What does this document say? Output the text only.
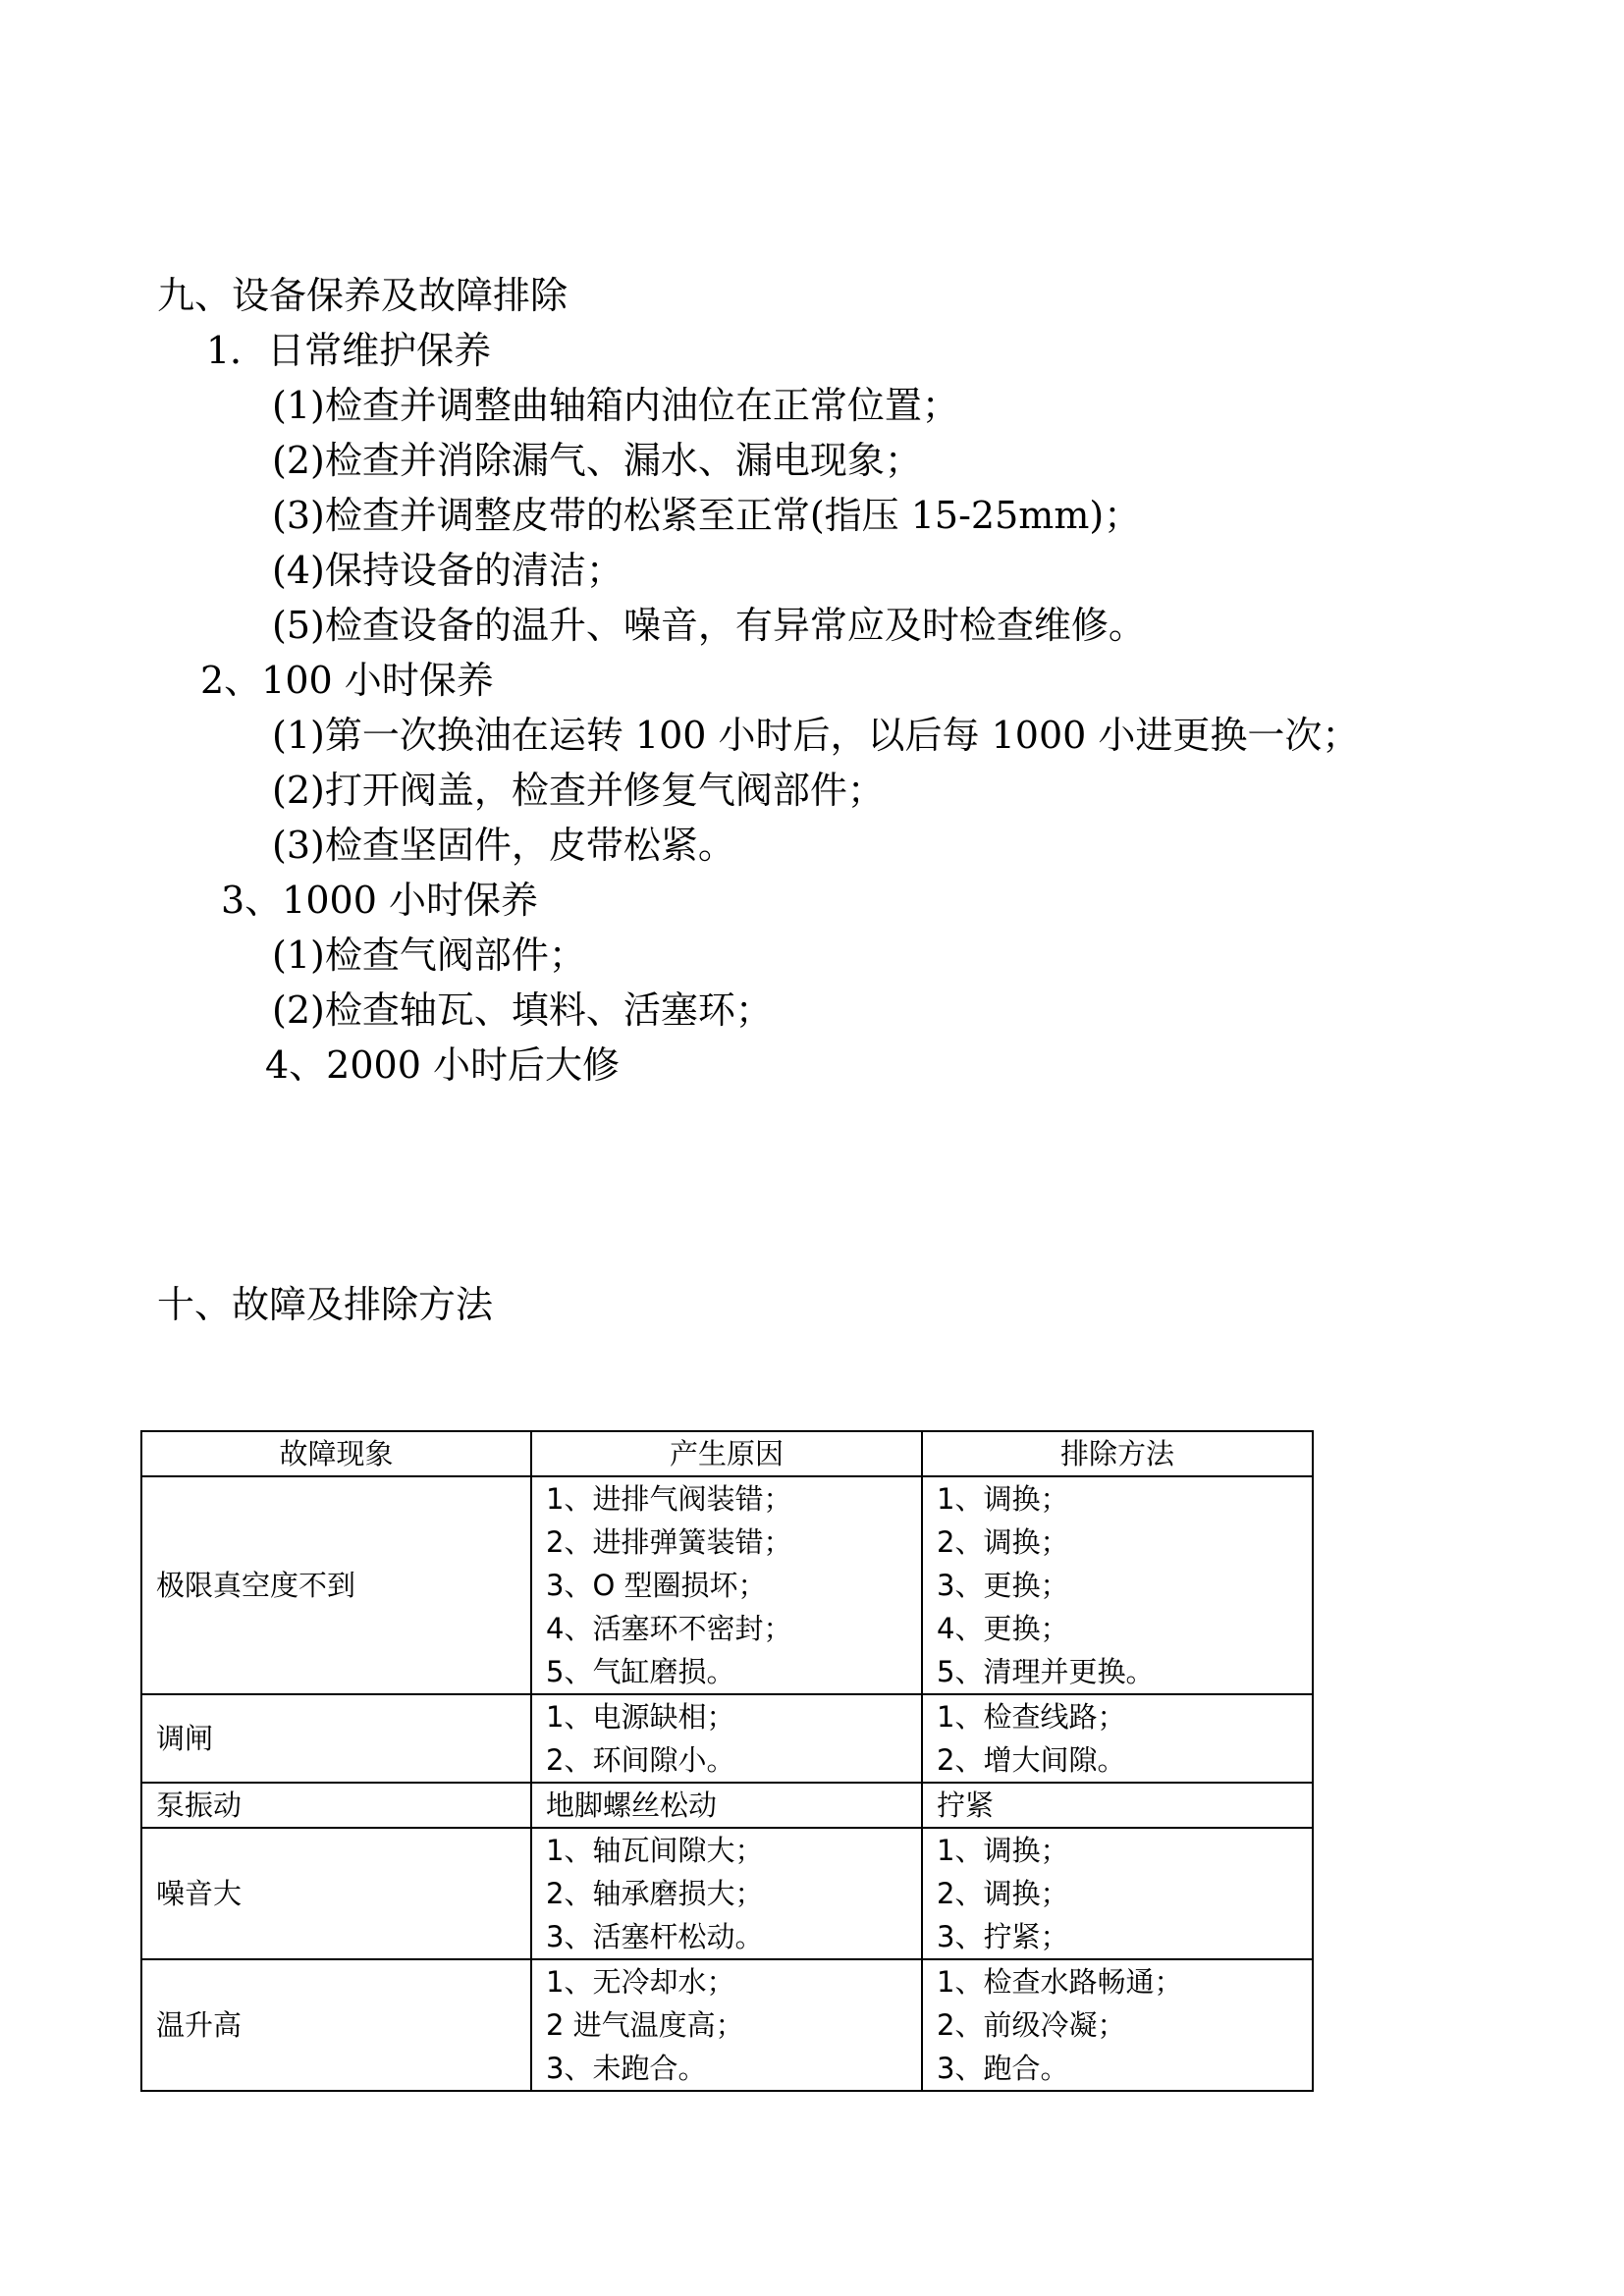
九、设备保养及故障排除
1．日常维护保养
(1)检查并调整曲轴箱内油位在正常位置；
(2)检查并消除漏气、漏水、漏电现象；
(3)检查并调整皮带的松紧至正常(指压 15-25mm)；
(4)保持设备的清洁；
(5)检查设备的温升、噪音，有异常应及时检查维修。
2、100 小时保养
(1)第一次换油在运转 100 小时后，以后每 1000 小进更换一次；
(2)打开阀盖，检查并修复气阀部件；
(3)检查坚固件，皮带松紧。
3、1000 小时保养
(1)检查气阀部件；
(2)检查轴瓦、填料、活塞环；
4、2000 小时后大修
十、故障及排除方法
故障现象	产生原因	排除方法
极限真空度不到	1、进排气阀装错；
2、进排弹簧装错；
3、O 型圈损坏；
4、活塞环不密封；
5、气缸磨损。	1、调换；
2、调换；
3、更换；
4、更换；
5、清理并更换。

调闸	1、电源缺相；
2、环间隙小。	1、检查线路；
2、增大间隙。

泵振动	地脚螺丝松动	拧紧

噪音大	1、轴瓦间隙大；
2、轴承磨损大；
3、活塞杆松动。	1、调换；
2、调换；
3、拧紧；

温升高	1、无冷却水；
2 进气温度高；
3、未跑合。	1、检查水路畅通；
2、前级冷凝；
3、跑合。
